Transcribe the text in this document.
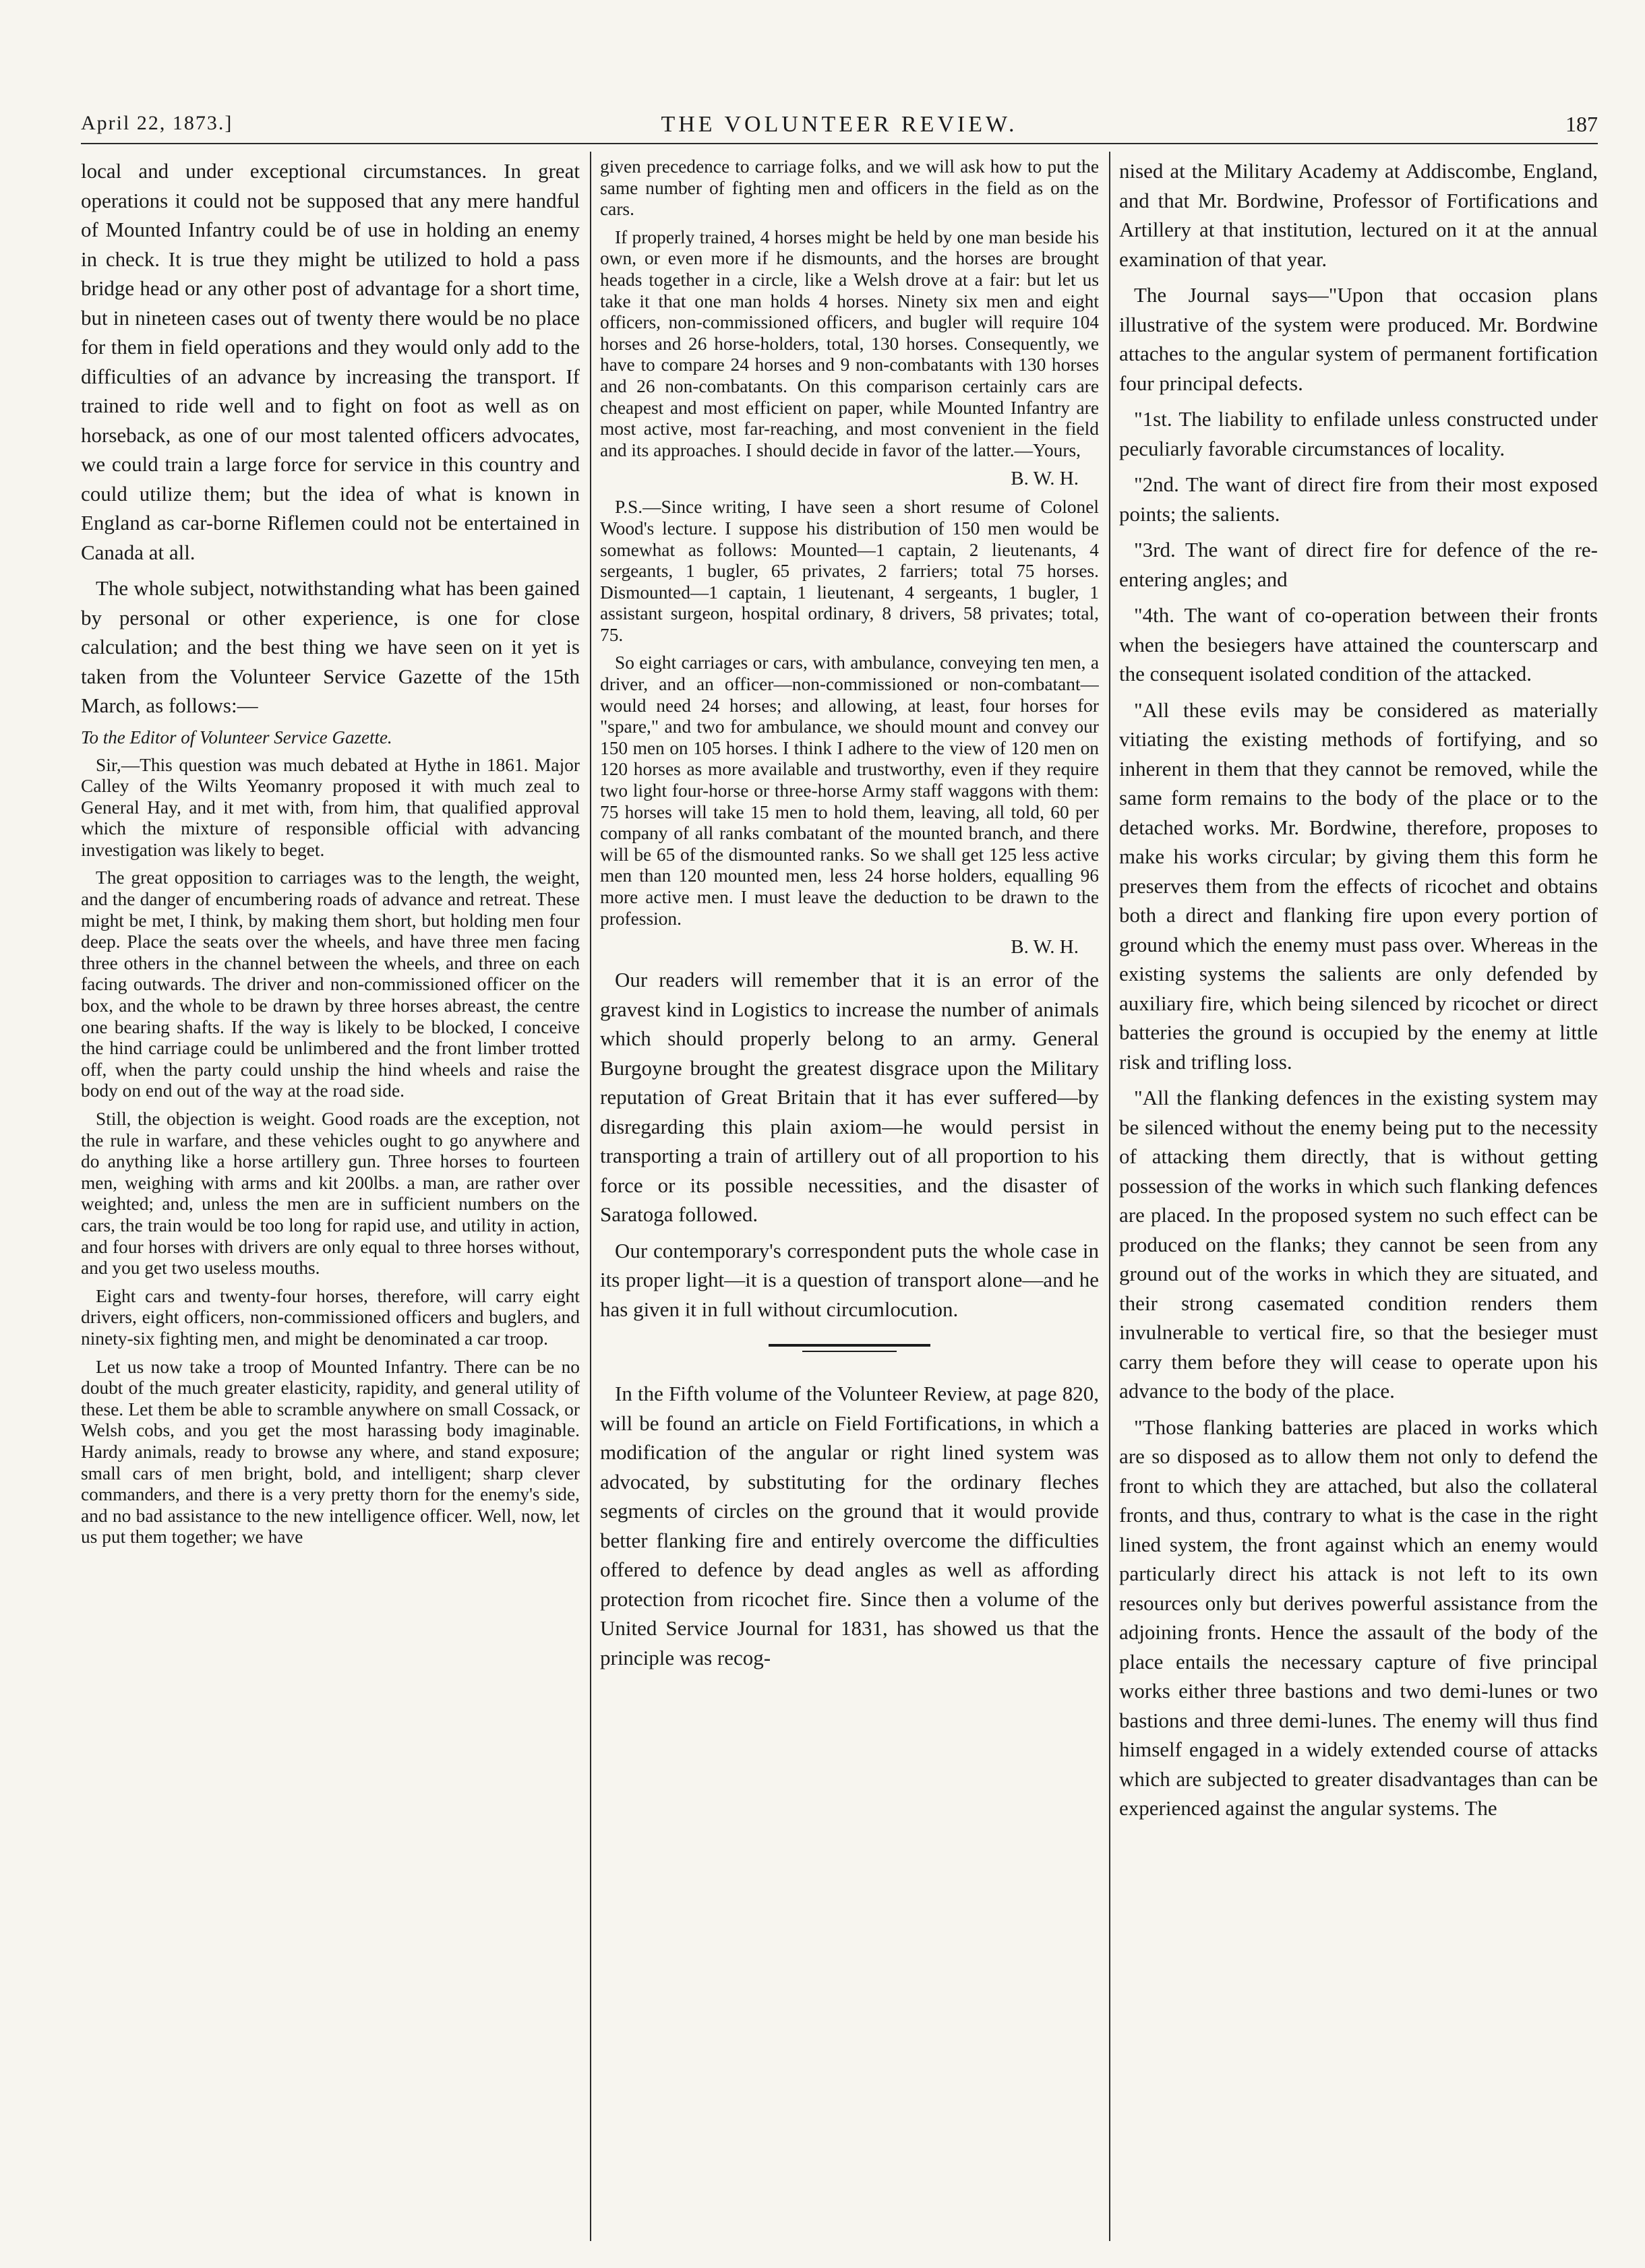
April 22, 1873.]	THE VOLUNTEER REVIEW.	187

local and under exceptional circumstances. In great operations it could not be supposed that any mere handful of Mounted Infantry could be of use in holding an enemy in check. It is true they might be utilized to hold a pass bridge head or any other post of advantage for a short time, but in nineteen cases out of twenty there would be no place for them in field operations and they would only add to the difficulties of an advance by increasing the transport. If trained to ride well and to fight on foot as well as on horseback, as one of our most talented officers advocates, we could train a large force for service in this country and could utilize them; but the idea of what is known in England as car-borne Riflemen could not be entertained in Canada at all.

The whole subject, notwithstanding what has been gained by personal or other experience, is one for close calculation; and the best thing we have seen on it yet is taken from the Volunteer Service Gazette of the 15th March, as follows:—

To the Editor of Volunteer Service Gazette.

Sir,—This question was much debated at Hythe in 1861. Major Calley of the Wilts Yeomanry proposed it with much zeal to General Hay, and it met with, from him, that qualified approval which the mixture of responsible official with advancing investigation was likely to beget.

The great opposition to carriages was to the length, the weight, and the danger of encumbering roads of advance and retreat. These might be met, I think, by making them short, but holding men four deep. Place the seats over the wheels, and have three men facing three others in the channel between the wheels, and three on each facing outwards. The driver and non-commissioned officer on the box, and the whole to be drawn by three horses abreast, the centre one bearing shafts. If the way is likely to be blocked, I conceive the hind carriage could be unlimbered and the front limber trotted off, when the party could unship the hind wheels and raise the body on end out of the way at the road side.

Still, the objection is weight. Good roads are the exception, not the rule in warfare, and these vehicles ought to go anywhere and do anything like a horse artillery gun. Three horses to fourteen men, weighing with arms and kit 200lbs. a man, are rather over weighted; and, unless the men are in sufficient numbers on the cars, the train would be too long for rapid use, and utility in action, and four horses with drivers are only equal to three horses without, and you get two useless mouths.

Eight cars and twenty-four horses, therefore, will carry eight drivers, eight officers, non-commissioned officers and buglers, and ninety-six fighting men, and might be denominated a car troop.

Let us now take a troop of Mounted Infantry. There can be no doubt of the much greater elasticity, rapidity, and general utility of these. Let them be able to scramble anywhere on small Cossack, or Welsh cobs, and you get the most harassing body imaginable. Hardy animals, ready to browse any where, and stand exposure; small cars of men bright, bold, and intelligent; sharp clever commanders, and there is a very pretty thorn for the enemy's side, and no bad assistance to the new intelligence officer. Well, now, let us put them together; we have

given precedence to carriage folks, and we will ask how to put the same number of fighting men and officers in the field as on the cars.

If properly trained, 4 horses might be held by one man beside his own, or even more if he dismounts, and the horses are brought heads together in a circle, like a Welsh drove at a fair: but let us take it that one man holds 4 horses. Ninety six men and eight officers, non-commissioned officers, and bugler will require 104 horses and 26 horse-holders, total, 130 horses. Consequently, we have to compare 24 horses and 9 non-combatants with 130 horses and 26 non-combatants. On this comparison certainly cars are cheapest and most efficient on paper, while Mounted Infantry are most active, most far-reaching, and most convenient in the field and its approaches. I should decide in favor of the latter.—Yours,

B. W. H.

P.S.—Since writing, I have seen a short resume of Colonel Wood's lecture. I suppose his distribution of 150 men would be somewhat as follows: Mounted—1 captain, 2 lieutenants, 4 sergeants, 1 bugler, 65 privates, 2 farriers; total 75 horses. Dismounted—1 captain, 1 lieutenant, 4 sergeants, 1 bugler, 1 assistant surgeon, hospital ordinary, 8 drivers, 58 privates; total, 75.

So eight carriages or cars, with ambulance, conveying ten men, a driver, and an officer—non-commissioned or non-combatant—would need 24 horses; and allowing, at least, four horses for "spare," and two for ambulance, we should mount and convey our 150 men on 105 horses. I think I adhere to the view of 120 men on 120 horses as more available and trustworthy, even if they require two light four-horse or three-horse Army staff waggons with them: 75 horses will take 15 men to hold them, leaving, all told, 60 per company of all ranks combatant of the mounted branch, and there will be 65 of the dismounted ranks. So we shall get 125 less active men than 120 mounted men, less 24 horse holders, equalling 96 more active men. I must leave the deduction to be drawn to the profession.

B. W. H.

Our readers will remember that it is an error of the gravest kind in Logistics to increase the number of animals which should properly belong to an army. General Burgoyne brought the greatest disgrace upon the Military reputation of Great Britain that it has ever suffered—by disregarding this plain axiom—he would persist in transporting a train of artillery out of all proportion to his force or its possible necessities, and the disaster of Saratoga followed.

Our contemporary's correspondent puts the whole case in its proper light—it is a question of transport alone—and he has given it in full without circumlocution.

In the Fifth volume of the Volunteer Review, at page 820, will be found an article on Field Fortifications, in which a modification of the angular or right lined system was advocated, by substituting for the ordinary fleches segments of circles on the ground that it would provide better flanking fire and entirely overcome the difficulties offered to defence by dead angles as well as affording protection from ricochet fire. Since then a volume of the United Service Journal for 1831, has showed us that the principle was recog-

nised at the Military Academy at Addiscombe, England, and that Mr. Bordwine, Professor of Fortifications and Artillery at that institution, lectured on it at the annual examination of that year.

The Journal says—"Upon that occasion plans illustrative of the system were produced. Mr. Bordwine attaches to the angular system of permanent fortification four principal defects.

"1st. The liability to enfilade unless constructed under peculiarly favorable circumstances of locality.

"2nd. The want of direct fire from their most exposed points; the salients.

"3rd. The want of direct fire for defence of the re-entering angles; and

"4th. The want of co-operation between their fronts when the besiegers have attained the counterscarp and the consequent isolated condition of the attacked.

"All these evils may be considered as materially vitiating the existing methods of fortifying, and so inherent in them that they cannot be removed, while the same form remains to the body of the place or to the detached works. Mr. Bordwine, therefore, proposes to make his works circular; by giving them this form he preserves them from the effects of ricochet and obtains both a direct and flanking fire upon every portion of ground which the enemy must pass over. Whereas in the existing systems the salients are only defended by auxiliary fire, which being silenced by ricochet or direct batteries the ground is occupied by the enemy at little risk and trifling loss.

"All the flanking defences in the existing system may be silenced without the enemy being put to the necessity of attacking them directly, that is without getting possession of the works in which such flanking defences are placed. In the proposed system no such effect can be produced on the flanks; they cannot be seen from any ground out of the works in which they are situated, and their strong casemated condition renders them invulnerable to vertical fire, so that the besieger must carry them before they will cease to operate upon his advance to the body of the place.

"Those flanking batteries are placed in works which are so disposed as to allow them not only to defend the front to which they are attached, but also the collateral fronts, and thus, contrary to what is the case in the right lined system, the front against which an enemy would particularly direct his attack is not left to its own resources only but derives powerful assistance from the adjoining fronts. Hence the assault of the body of the place entails the necessary capture of five principal works either three bastions and two demi-lunes or two bastions and three demi-lunes. The enemy will thus find himself engaged in a widely extended course of attacks which are subjected to greater disadvantages than can be experienced against the angular systems. The
